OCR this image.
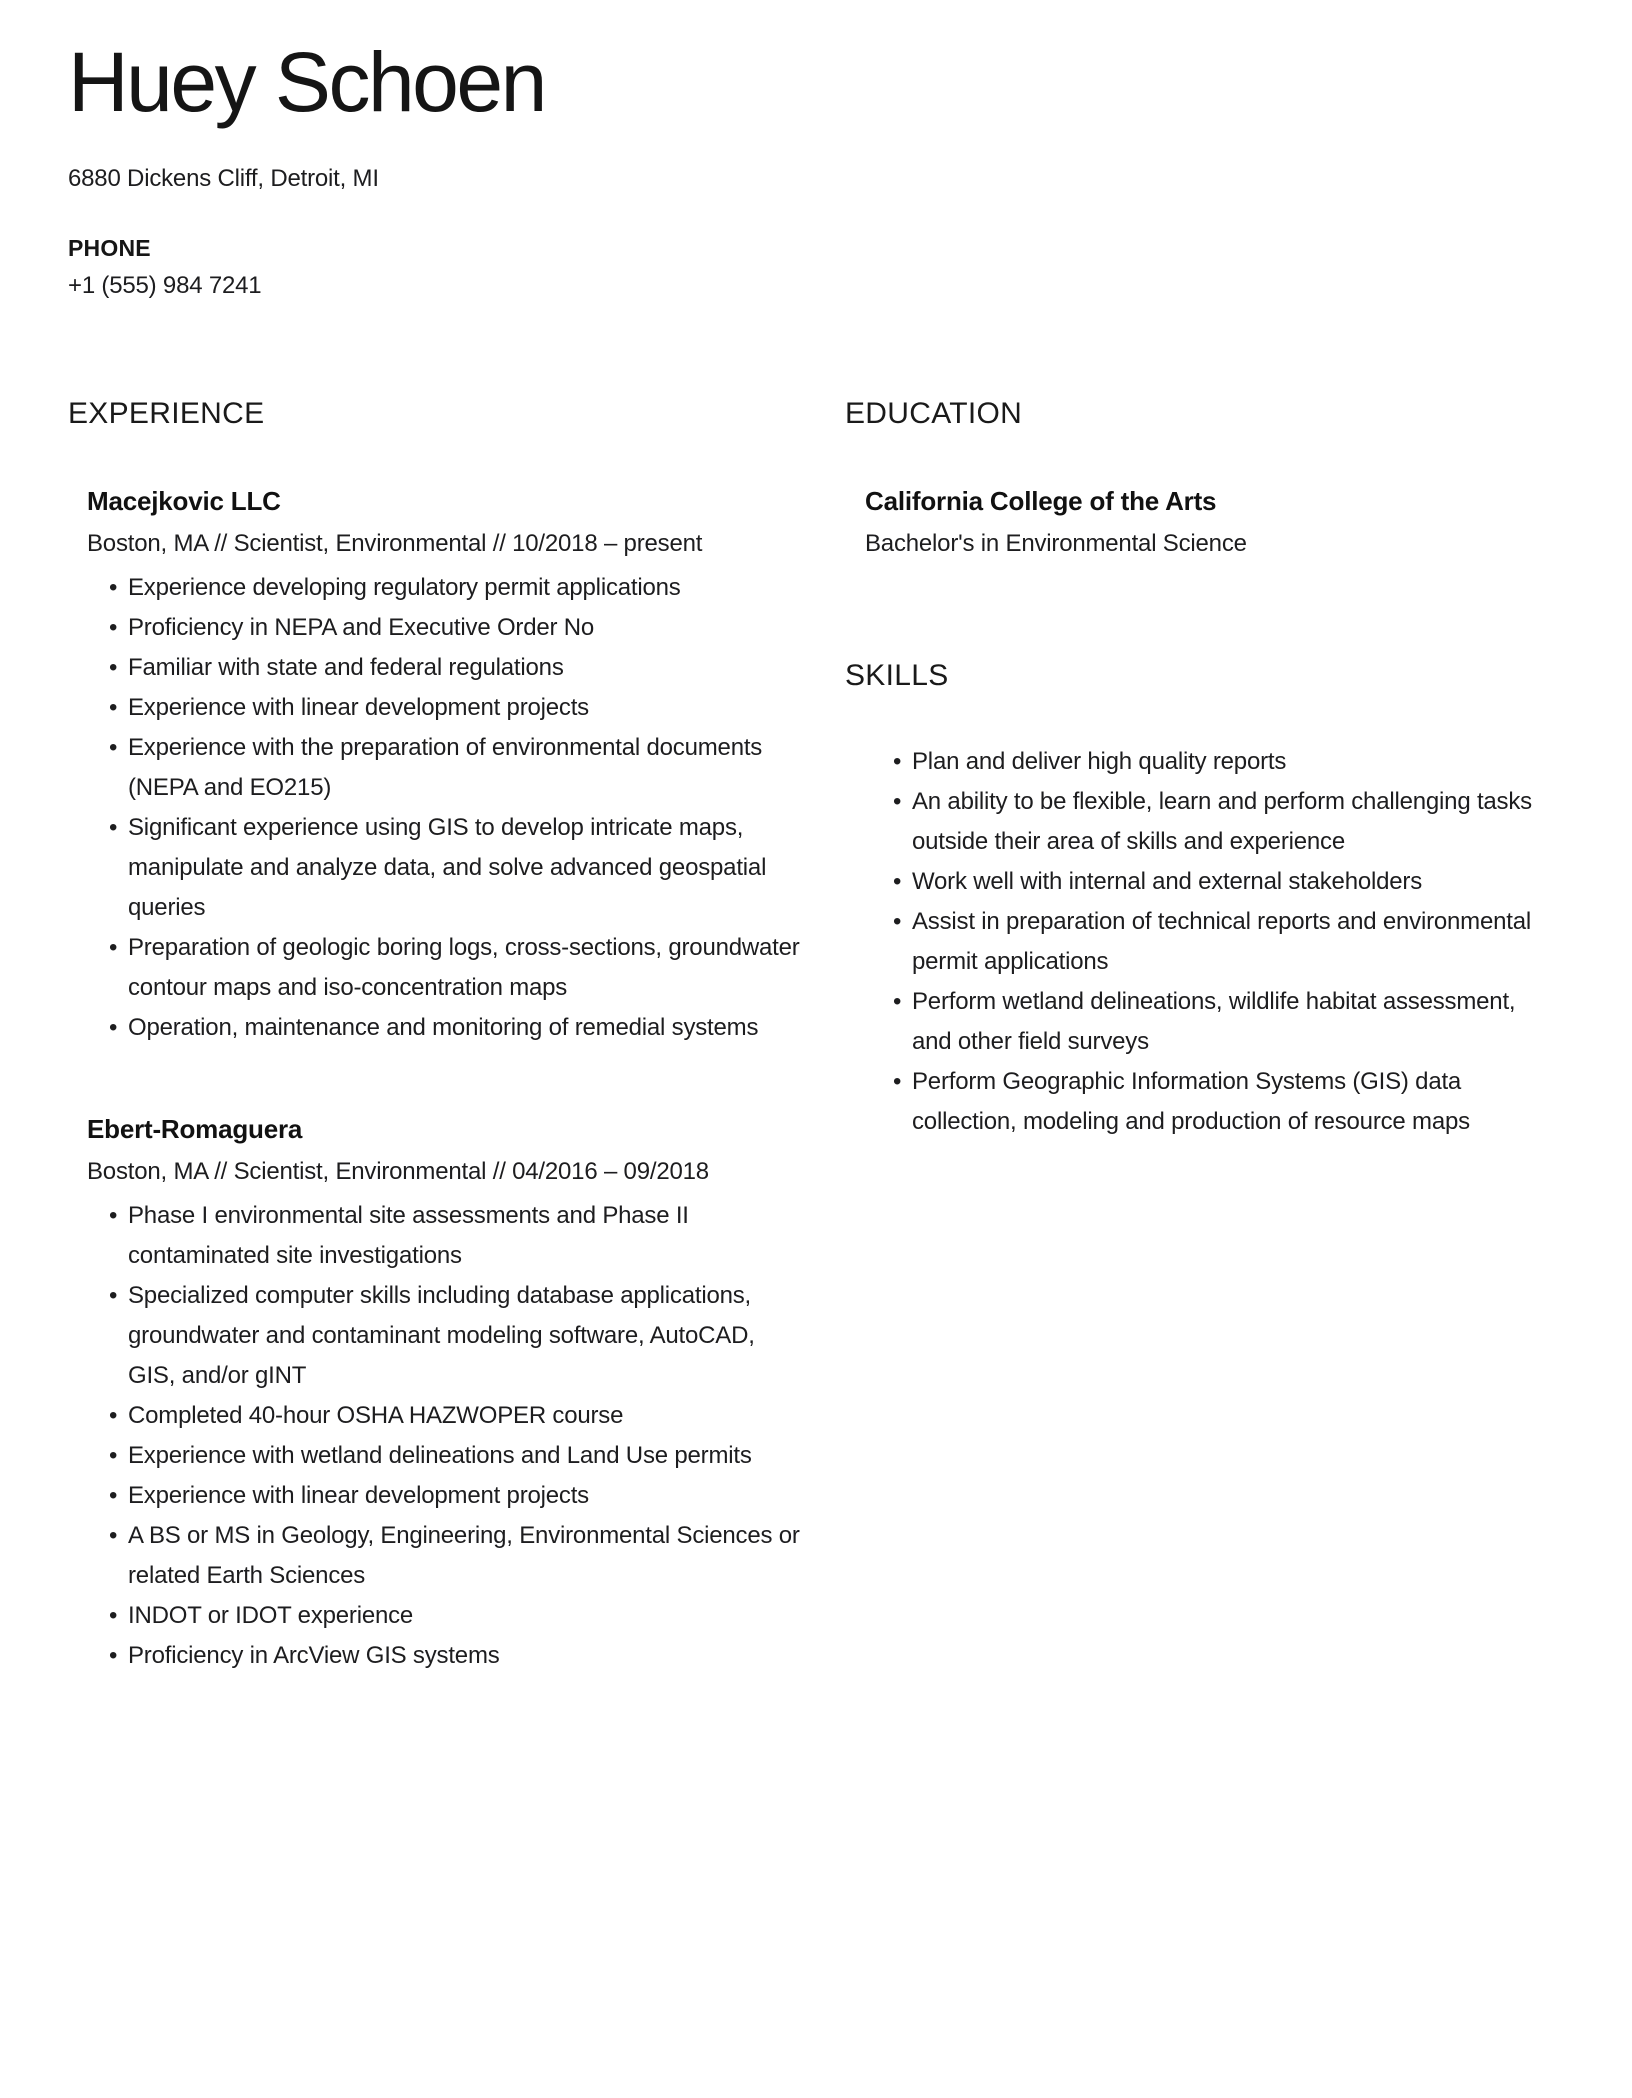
Huey Schoen

6880 Dickens Cliff, Detroit, MI

PHONE

+1 (555) 984 7241

EXPERIENCE
Macejkovic LLC

Boston, MA // Scientist, Environmental // 10/2018 – present

• Experience developing regulatory permit applications
• Proficiency in NEPA and Executive Order No
• Familiar with state and federal regulations
• Experience with linear development projects
• Experience with the preparation of environmental documents (NEPA and EO215)
• Significant experience using GIS to develop intricate maps, manipulate and analyze data, and solve advanced geospatial queries
• Preparation of geologic boring logs, cross-sections, groundwater contour maps and iso-concentration maps
• Operation, maintenance and monitoring of remedial systems
Ebert-Romaguera

Boston, MA // Scientist, Environmental // 04/2016 – 09/2018

• Phase I environmental site assessments and Phase II contaminated site investigations
• Specialized computer skills including database applications, groundwater and contaminant modeling software, AutoCAD, GIS, and/or gINT
• Completed 40-hour OSHA HAZWOPER course
• Experience with wetland delineations and Land Use permits
• Experience with linear development projects
• A BS or MS in Geology, Engineering, Environmental Sciences or related Earth Sciences
• INDOT or IDOT experience
• Proficiency in ArcView GIS systems
EDUCATION
California College of the Arts

Bachelor's in Environmental Science

SKILLS
• Plan and deliver high quality reports
• An ability to be flexible, learn and perform challenging tasks outside their area of skills and experience
• Work well with internal and external stakeholders
• Assist in preparation of technical reports and environmental permit applications
• Perform wetland delineations, wildlife habitat assessment, and other field surveys
• Perform Geographic Information Systems (GIS) data collection, modeling and production of resource maps
